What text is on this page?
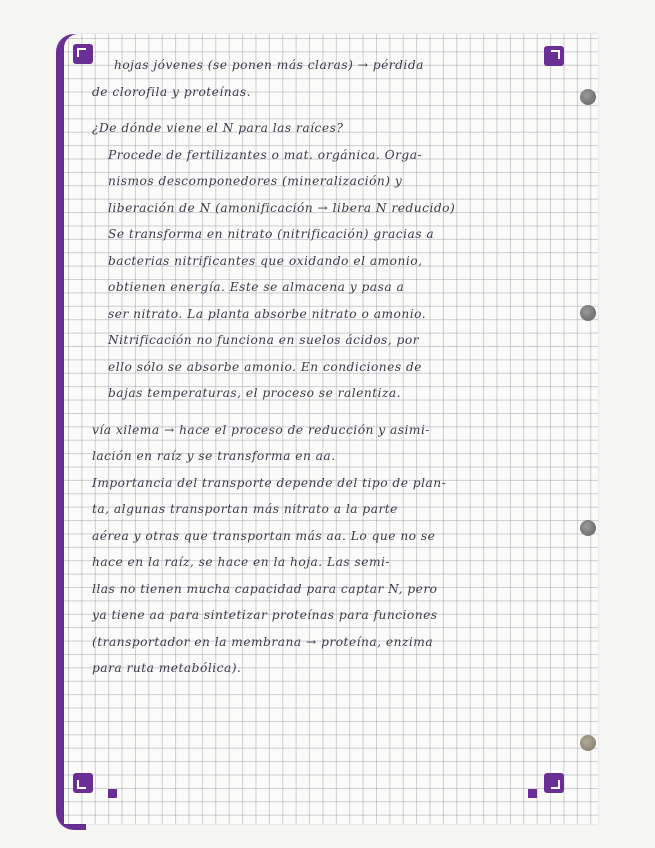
hojas jóvenes (se ponen más claras) → pérdida
de clorofila y proteínas.
¿De dónde viene el N para las raíces?
Procede de fertilizantes o mat. orgánica. Orga-
nismos descomponedores (mineralización) y
liberación de N (amonificación → libera N reducido)
Se transforma en nitrato (nitrificación) gracias a
bacterias nitrificantes que oxidando el amonio,
obtienen energía. Este se almacena y pasa a
ser nitrato. La planta absorbe nitrato o amonio.
Nitrificación no funciona en suelos ácidos, por
ello sólo se absorbe amonio. En condiciones de
bajas temperaturas, el proceso se ralentiza.
vía xilema → hace el proceso de reducción y asimi-
lación en raíz y se transforma en aa.
Importancia del transporte depende del tipo de plan-
ta, algunas transportan más nitrato a la parte
aérea y otras que transportan más aa. Lo que no se
hace en la raíz, se hace en la hoja. Las semi-
llas no tienen mucha capacidad para captar N, pero
ya tiene aa para sintetizar proteínas para funciones
(transportador en la membrana → proteína, enzima
para ruta metabólica).
